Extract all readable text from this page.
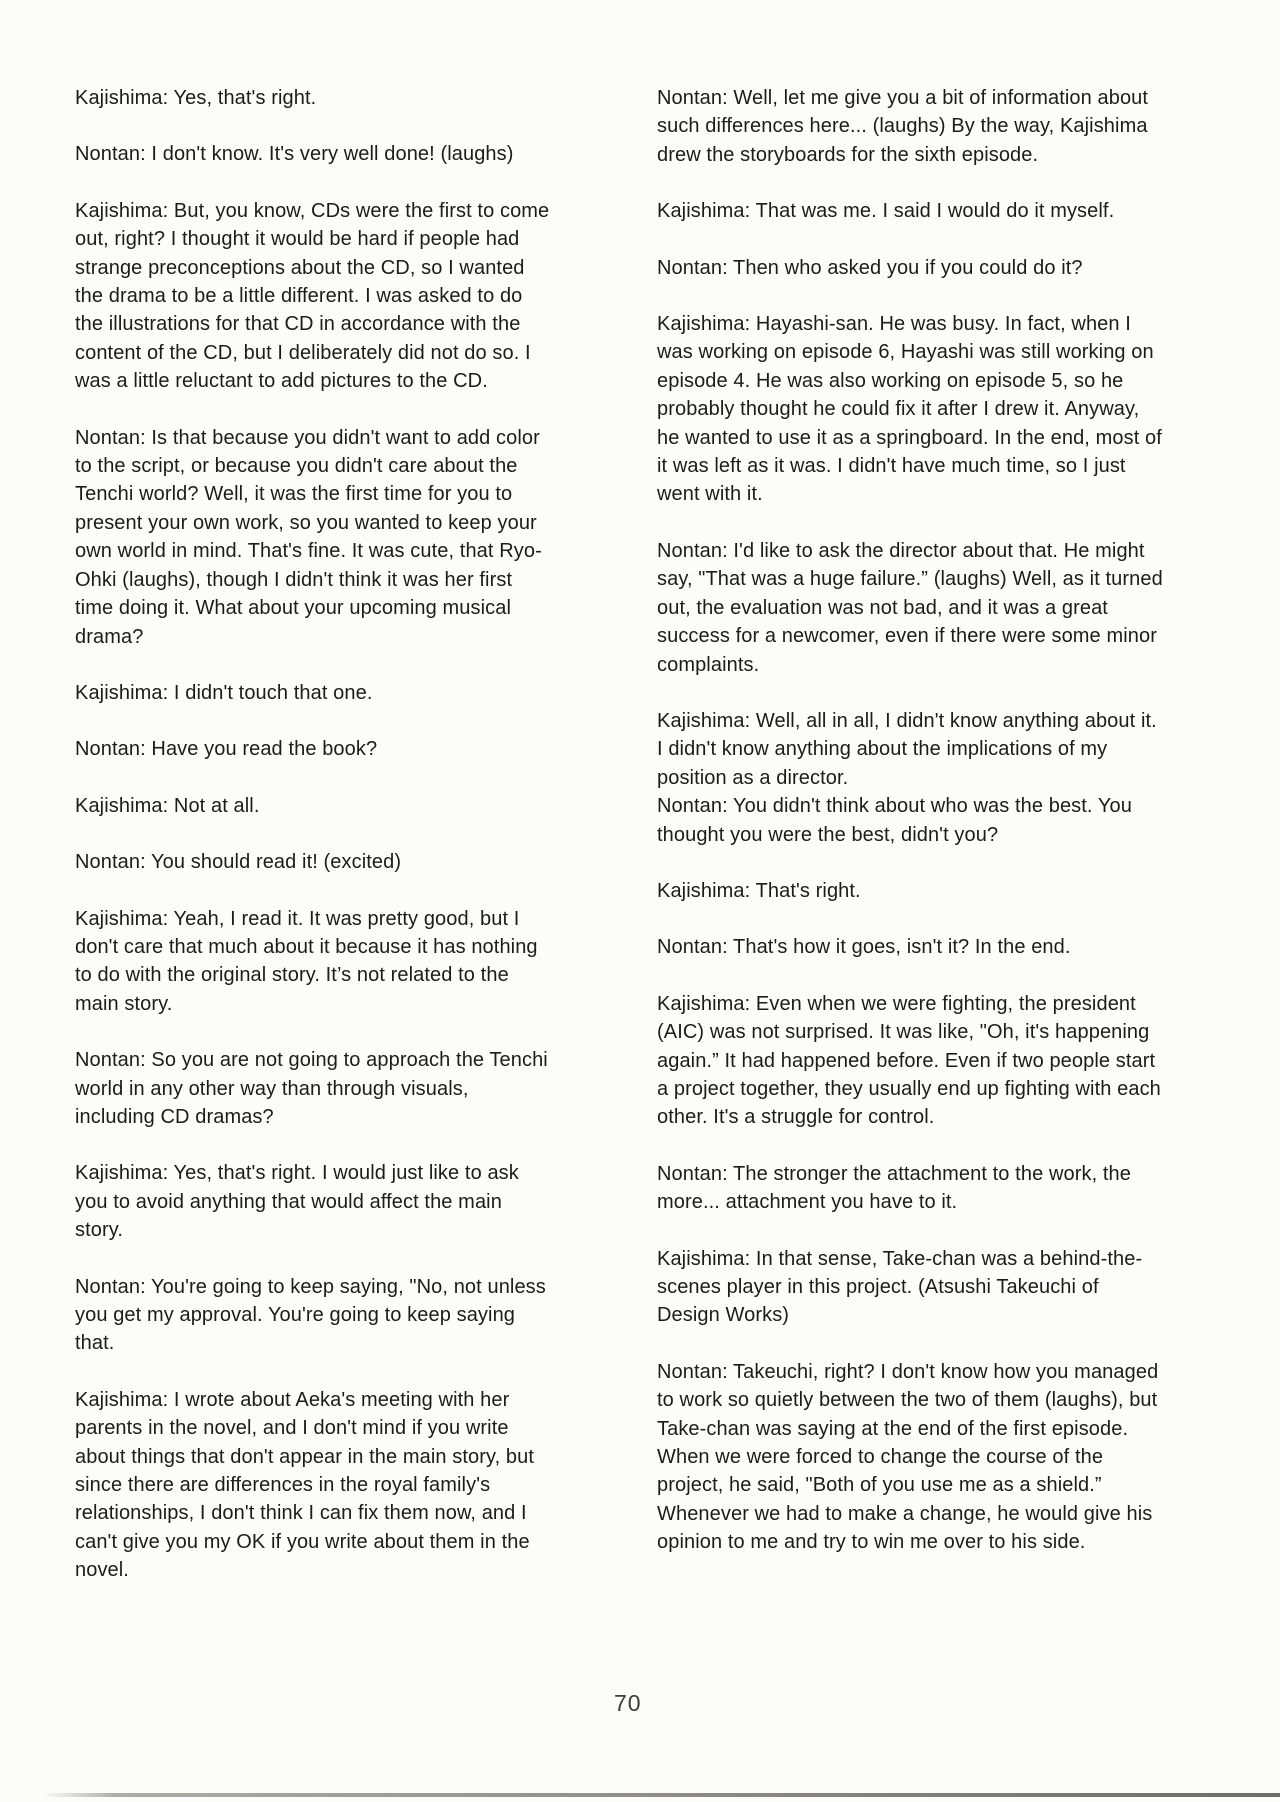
Kajishima: Yes, that's right.

Nontan: I don't know. It's very well done! (laughs)

Kajishima: But, you know, CDs were the first to come out, right? I thought it would be hard if people had strange preconceptions about the CD, so I wanted the drama to be a little different. I was asked to do the illustrations for that CD in accordance with the content of the CD, but I deliberately did not do so. I was a little reluctant to add pictures to the CD.

Nontan: Is that because you didn't want to add color to the script, or because you didn't care about the Tenchi world? Well, it was the first time for you to present your own work, so you wanted to keep your own world in mind. That's fine. It was cute, that Ryo-Ohki (laughs), though I didn't think it was her first time doing it. What about your upcoming musical drama?

Kajishima: I didn't touch that one.

Nontan: Have you read the book?

Kajishima: Not at all.

Nontan: You should read it! (excited)

Kajishima: Yeah, I read it. It was pretty good, but I don't care that much about it because it has nothing to do with the original story. It’s not related to the main story.

Nontan: So you are not going to approach the Tenchi world in any other way than through visuals, including CD dramas?

Kajishima: Yes, that's right. I would just like to ask you to avoid anything that would affect the main story.

Nontan: You're going to keep saying, "No, not unless you get my approval. You're going to keep saying that.

Kajishima: I wrote about Aeka's meeting with her parents in the novel, and I don't mind if you write about things that don't appear in the main story, but since there are differences in the royal family's relationships, I don't think I can fix them now, and I can't give you my OK if you write about them in the novel.

Nontan: Well, let me give you a bit of information about such differences here... (laughs) By the way, Kajishima drew the storyboards for the sixth episode.

Kajishima: That was me. I said I would do it myself.

Nontan: Then who asked you if you could do it?

Kajishima: Hayashi-san. He was busy. In fact, when I was working on episode 6, Hayashi was still working on episode 4. He was also working on episode 5, so he probably thought he could fix it after I drew it. Anyway, he wanted to use it as a springboard. In the end, most of it was left as it was. I didn't have much time, so I just went with it.

Nontan: I'd like to ask the director about that. He might say, "That was a huge failure.” (laughs) Well, as it turned out, the evaluation was not bad, and it was a great success for a newcomer, even if there were some minor complaints.

Kajishima: Well, all in all, I didn't know anything about it. I didn't know anything about the implications of my position as a director.
Nontan: You didn't think about who was the best. You thought you were the best, didn't you?

Kajishima: That's right.

Nontan: That's how it goes, isn't it? In the end.

Kajishima: Even when we were fighting, the president (AIC) was not surprised. It was like, "Oh, it's happening again.” It had happened before. Even if two people start a project together, they usually end up fighting with each other. It's a struggle for control.

Nontan: The stronger the attachment to the work, the more... attachment you have to it.

Kajishima: In that sense, Take-chan was a behind-the-scenes player in this project. (Atsushi Takeuchi of Design Works)

Nontan: Takeuchi, right? I don't know how you managed to work so quietly between the two of them (laughs), but Take-chan was saying at the end of the first episode. When we were forced to change the course of the project, he said, "Both of you use me as a shield.” Whenever we had to make a change, he would give his opinion to me and try to win me over to his side.

70
